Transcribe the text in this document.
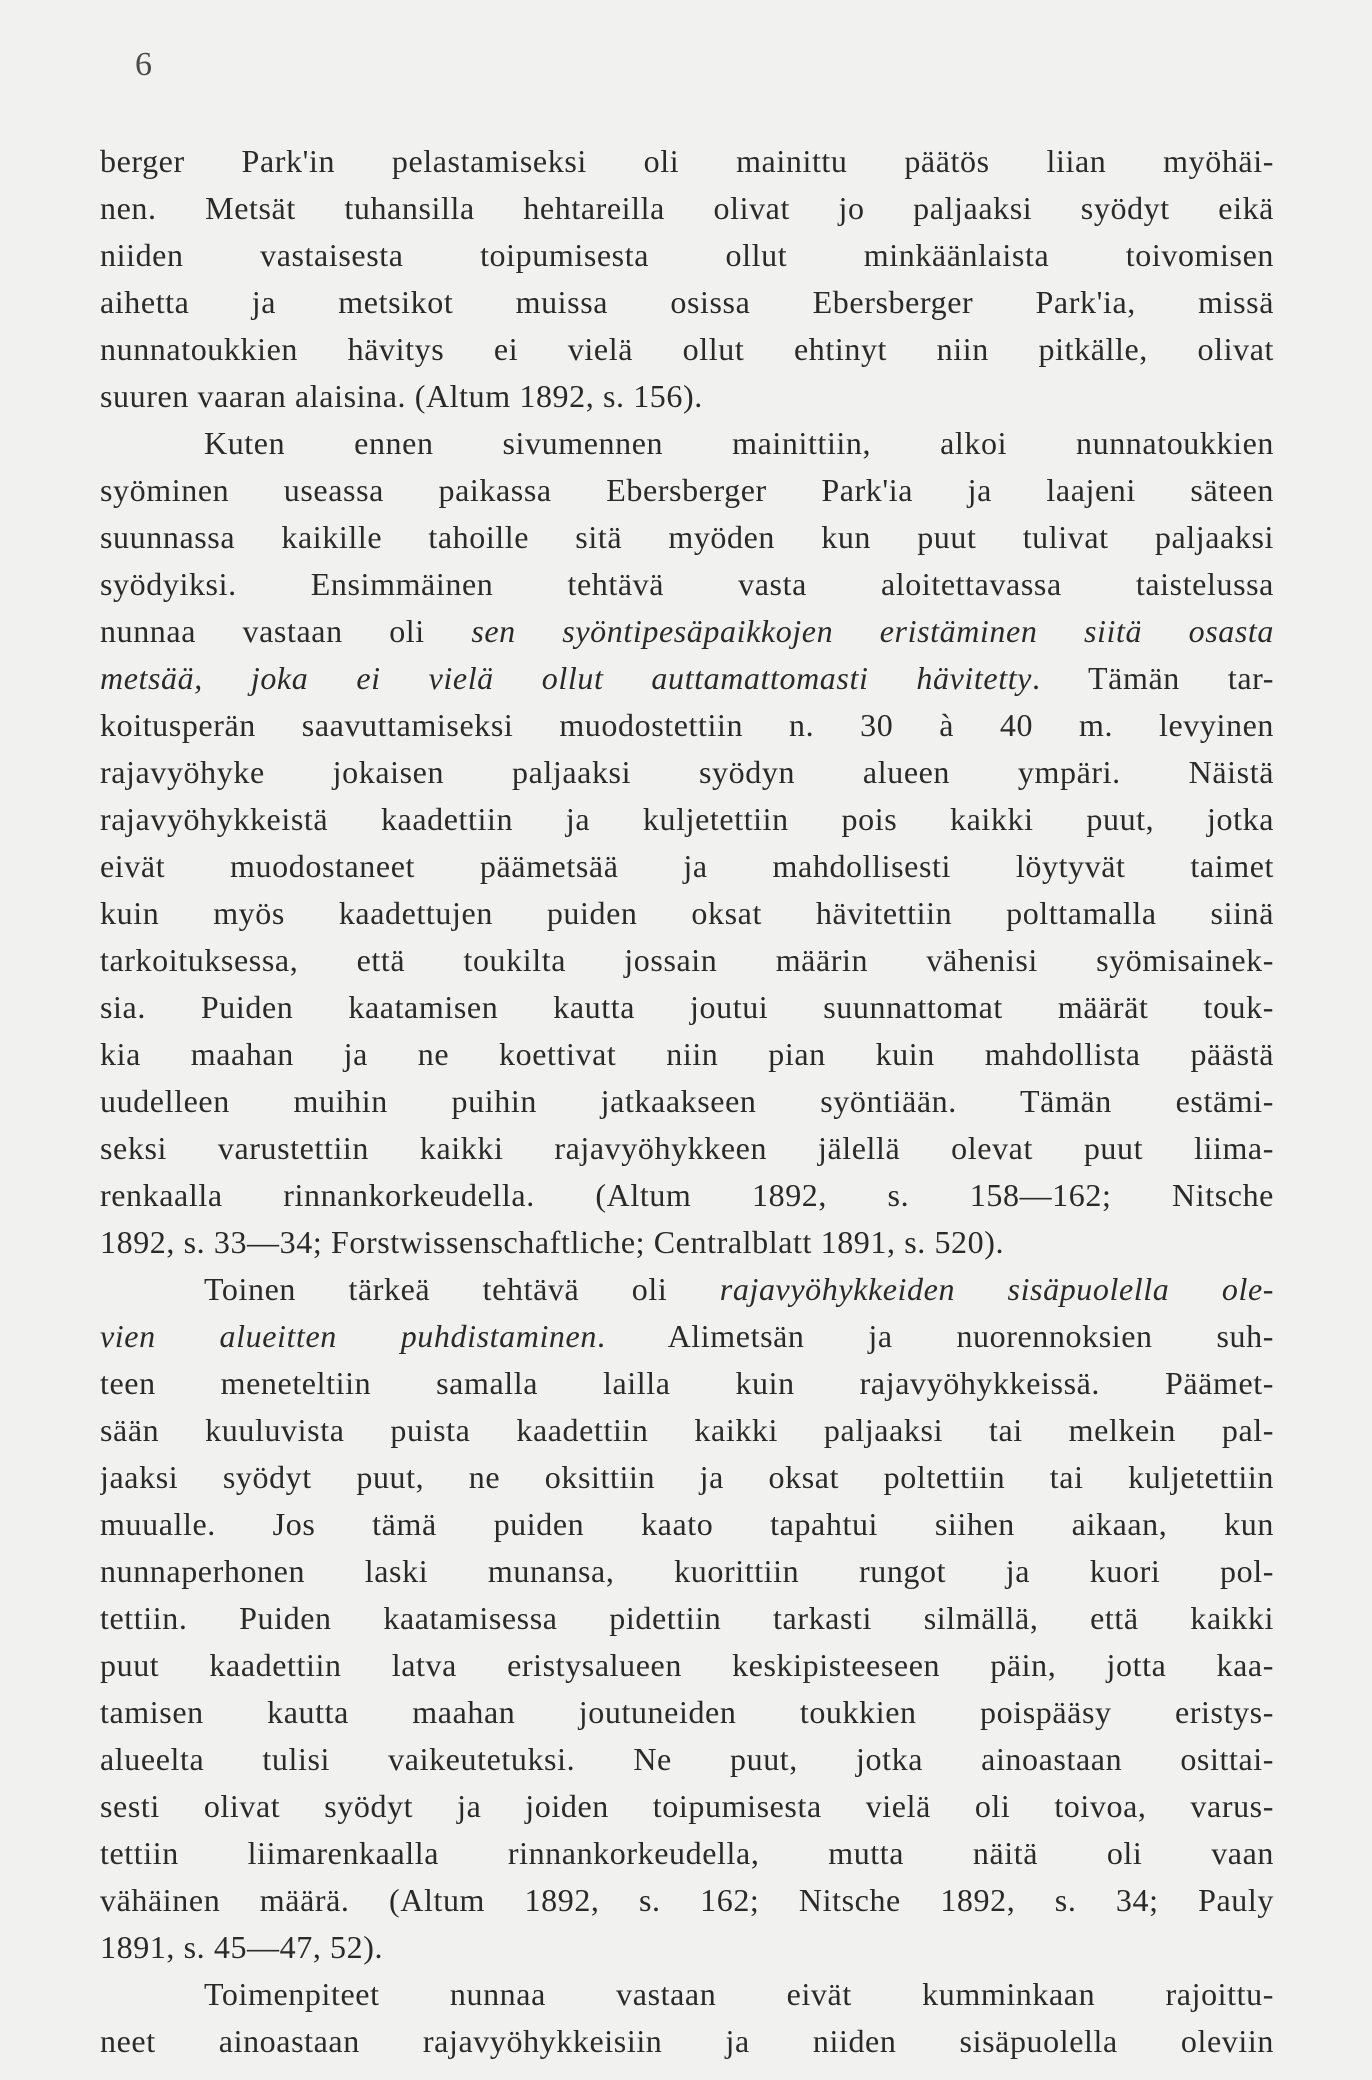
6
berger Park'in pelastamiseksi oli mainittu päätös liian myöhäi-
nen. Metsät tuhansilla hehtareilla olivat jo paljaaksi syödyt eikä
niiden vastaisesta toipumisesta ollut minkäänlaista toivomisen
aihetta ja metsikot muissa osissa Ebersberger Park'ia, missä
nunnatoukkien hävitys ei vielä ollut ehtinyt niin pitkälle, olivat
suuren vaaran alaisina. (Altum 1892, s. 156).
Kuten ennen sivumennen mainittiin, alkoi nunnatoukkien
syöminen useassa paikassa Ebersberger Park'ia ja laajeni säteen
suunnassa kaikille tahoille sitä myöden kun puut tulivat paljaaksi
syödyiksi. Ensimmäinen tehtävä vasta aloitettavassa taistelussa
nunnaa vastaan oli sen syöntipesäpaikkojen eristäminen siitä osasta
metsää, joka ei vielä ollut auttamattomasti hävitetty. Tämän tar-
koitusperän saavuttamiseksi muodostettiin n. 30 à 40 m. levyinen
rajavyöhyke jokaisen paljaaksi syödyn alueen ympäri. Näistä
rajavyöhykkeistä kaadettiin ja kuljetettiin pois kaikki puut, jotka
eivät muodostaneet päämetsää ja mahdollisesti löytyvät taimet
kuin myös kaadettujen puiden oksat hävitettiin polttamalla siinä
tarkoituksessa, että toukilta jossain määrin vähenisi syömisainek-
sia. Puiden kaatamisen kautta joutui suunnattomat määrät touk-
kia maahan ja ne koettivat niin pian kuin mahdollista päästä
uudelleen muihin puihin jatkaakseen syöntiään. Tämän estämi-
seksi varustettiin kaikki rajavyöhykkeen jälellä olevat puut liima-
renkaalla rinnankorkeudella. (Altum 1892, s. 158—162; Nitsche
1892, s. 33—34; Forstwissenschaftliche; Centralblatt 1891, s. 520).
Toinen tärkeä tehtävä oli rajavyöhykkeiden sisäpuolella ole-
vien alueitten puhdistaminen. Alimetsän ja nuorennoksien suh-
teen meneteltiin samalla lailla kuin rajavyöhykkeissä. Päämet-
sään kuuluvista puista kaadettiin kaikki paljaaksi tai melkein pal-
jaaksi syödyt puut, ne oksittiin ja oksat poltettiin tai kuljetettiin
muualle. Jos tämä puiden kaato tapahtui siihen aikaan, kun
nunnaperhonen laski munansa, kuorittiin rungot ja kuori pol-
tettiin. Puiden kaatamisessa pidettiin tarkasti silmällä, että kaikki
puut kaadettiin latva eristysalueen keskipisteeseen päin, jotta kaa-
tamisen kautta maahan joutuneiden toukkien poispääsy eristys-
alueelta tulisi vaikeutetuksi. Ne puut, jotka ainoastaan osittai-
sesti olivat syödyt ja joiden toipumisesta vielä oli toivoa, varus-
tettiin liimarenkaalla rinnankorkeudella, mutta näitä oli vaan
vähäinen määrä. (Altum 1892, s. 162; Nitsche 1892, s. 34; Pauly
1891, s. 45—47, 52).
Toimenpiteet nunnaa vastaan eivät kumminkaan rajoittu-
neet ainoastaan rajavyöhykkeisiin ja niiden sisäpuolella oleviin
